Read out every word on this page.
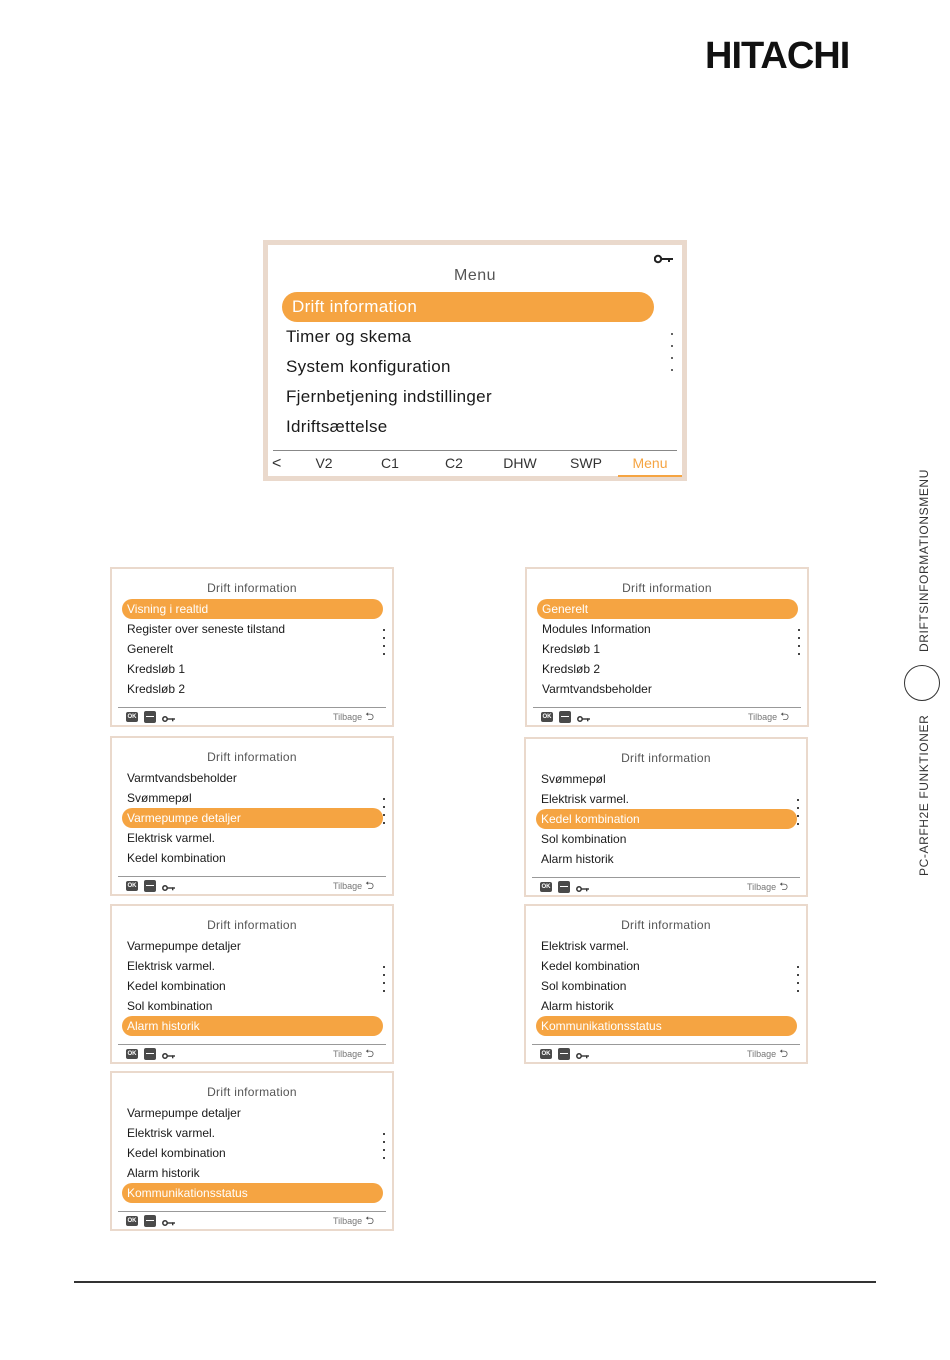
HITACHI
Menu
Drift information
Timer og skema
System konfiguration
Fjernbetjening indstillinger
Idriftsættelse
<	V2	C1	C2	DHW	SWP	Menu
Drift information
Visning i realtid
Register over seneste tilstand
Generelt
Kredsløb 1
Kredsløb 2
OK	Tilbage ⮌
Drift information
Generelt
Modules Information
Kredsløb 1
Kredsløb 2
Varmtvandsbeholder
OK	Tilbage ⮌
Drift information
Varmtvandsbeholder
Svømmepøl
Varmepumpe detaljer
Elektrisk varmel.
Kedel kombination
OK	Tilbage ⮌
Drift information
Svømmepøl
Elektrisk varmel.
Kedel kombination
Sol kombination
Alarm historik
OK	Tilbage ⮌
Drift information
Varmepumpe detaljer
Elektrisk varmel.
Kedel kombination
Sol kombination
Alarm historik
OK	Tilbage ⮌
Drift information
Elektrisk varmel.
Kedel kombination
Sol kombination
Alarm historik
Kommunikationsstatus
OK	Tilbage ⮌
Drift information
Varmepumpe detaljer
Elektrisk varmel.
Kedel kombination
Alarm historik
Kommunikationsstatus
OK	Tilbage ⮌
DRIFTSINFORMATIONSMENU
PC-ARFH2E FUNKTIONER
